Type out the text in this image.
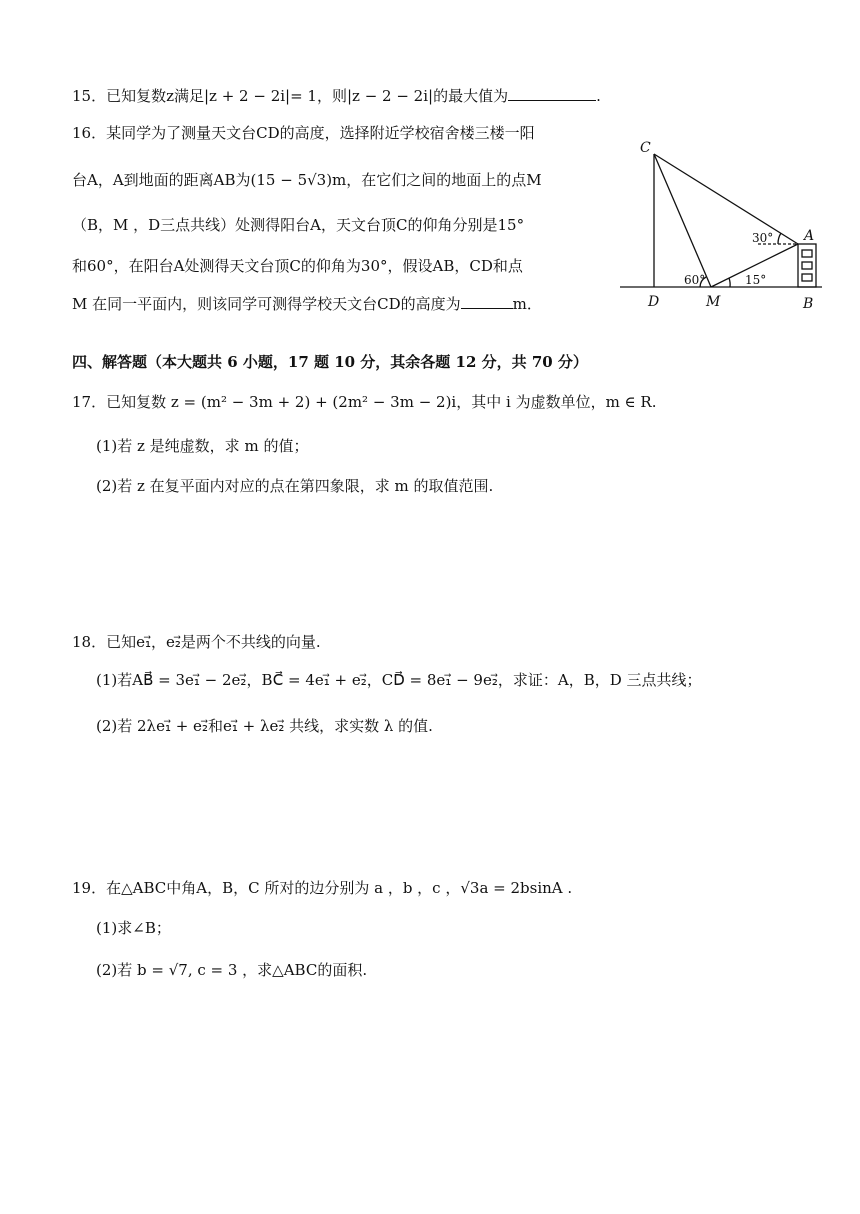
15．已知复数z满足|z + 2 − 2i|= 1，则|z − 2 − 2i|的最大值为	.
16．某同学为了测量天文台CD的高度，选择附近学校宿舍楼三楼一阳
台A，A到地面的距离AB为(15 − 5√3)m，在它们之间的地面上的点M
（B，M ，D三点共线）处测得阳台A，天文台顶C的仰角分别是15°
和60°，在阳台A处测得天文台顶C的仰角为30°，假设AB，CD和点
M 在同一平面内，则该同学可测得学校天文台CD的高度为	m．
C
A
D	M	B
30°
60°	15°
四、解答题（本大题共 6 小题，17 题 10 分，其余各题 12 分，共 70 分）
17．已知复数 z = (m² − 3m + 2) + (2m² − 3m − 2)i，其中 i 为虚数单位，m ∈ R.
(1)若 z 是纯虚数，求 m 的值；
(2)若 z 在复平面内对应的点在第四象限，求 m 的取值范围.
18．已知e₁⃗，e₂⃗是两个不共线的向量.
(1)若AB⃗ = 3e₁⃗ − 2e₂⃗，BC⃗ = 4e₁⃗ + e₂⃗，CD⃗ = 8e₁⃗ − 9e₂⃗，求证：A，B，D 三点共线；
(2)若 2λe₁⃗ + e₂⃗和e₁⃗ + λe₂⃗ 共线，求实数 λ 的值.
19．在△ABC中角A，B，C 所对的边分别为 a ，b ，c ，√3a = 2bsinA .
(1)求∠B；
(2)若 b = √7, c = 3 ，求△ABC的面积.
